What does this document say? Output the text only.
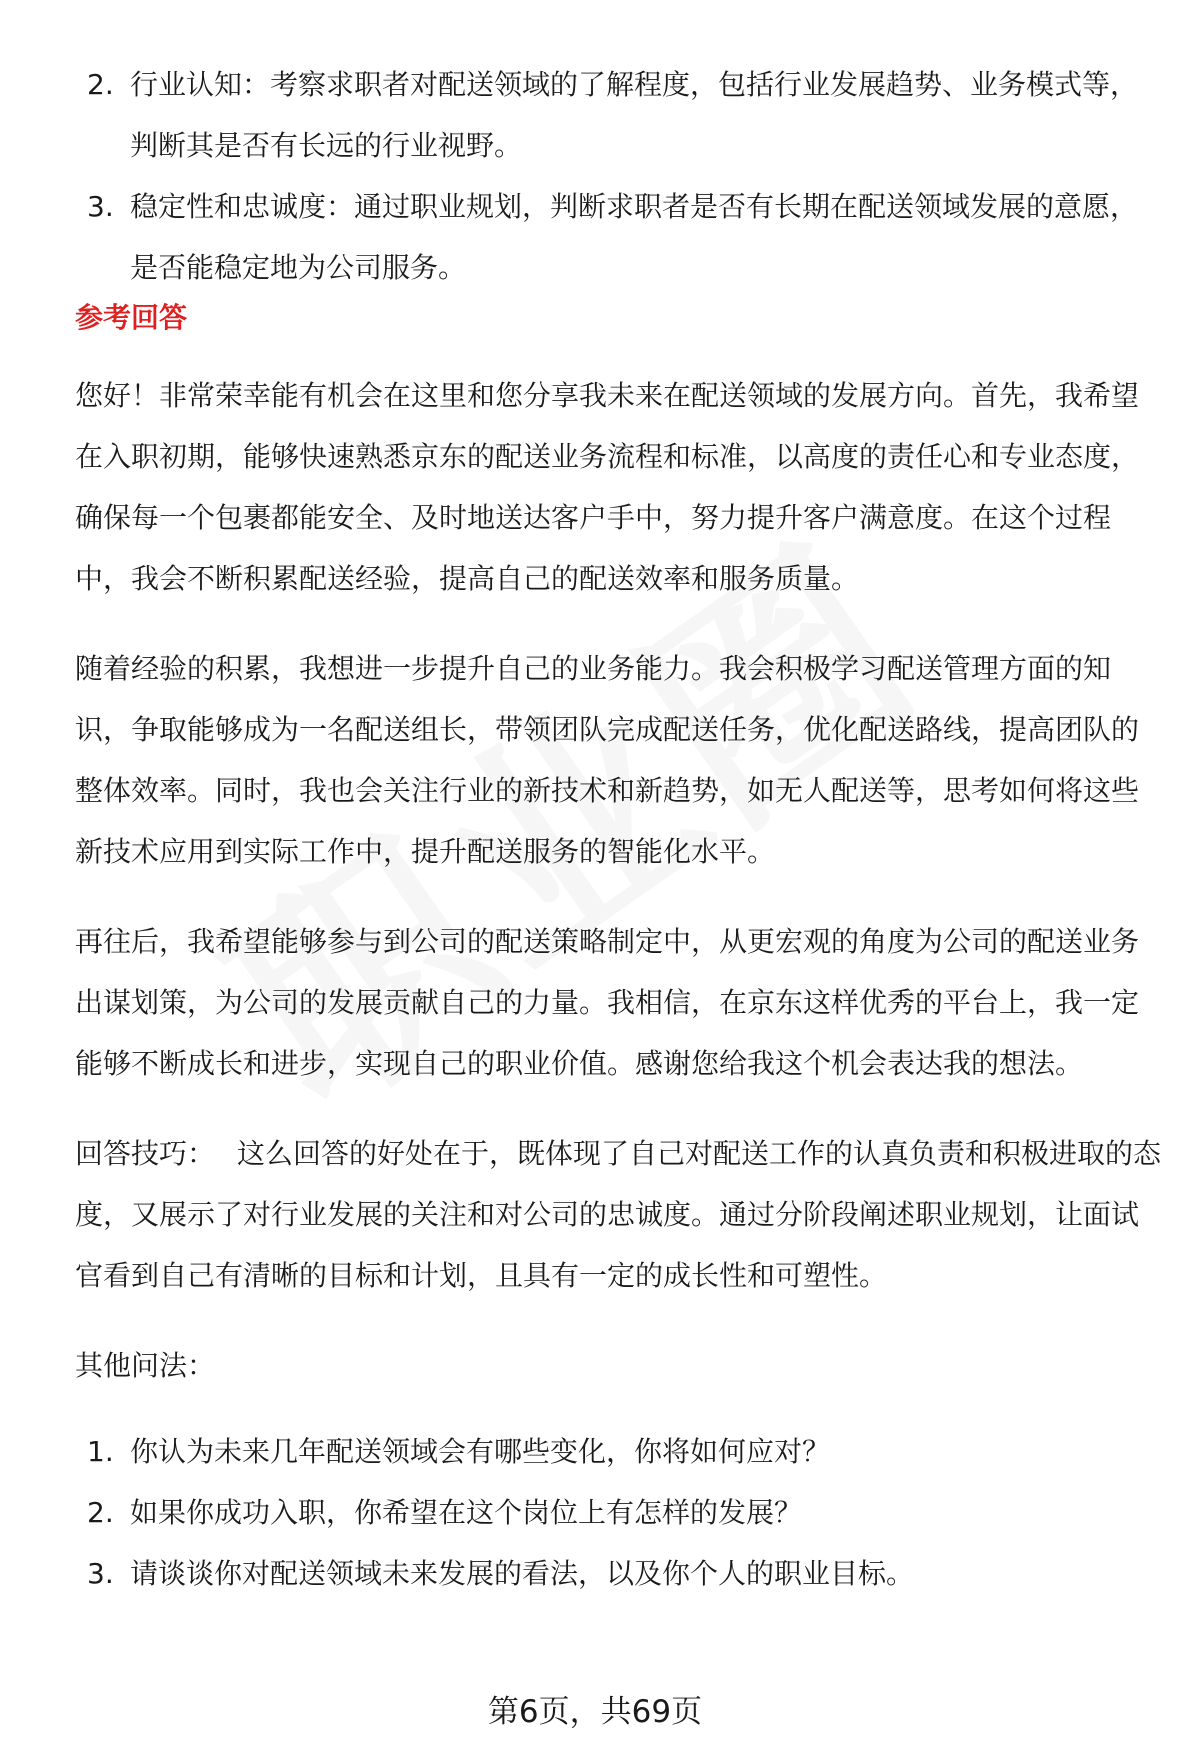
2. 行业认知：考察求职者对配送领域的了解程度，包括行业发展趋势、业务模式等，判断其是否有长远的行业视野。
3. 稳定性和忠诚度：通过职业规划，判断求职者是否有长期在配送领域发展的意愿，是否能稳定地为公司服务。

参考回答

您好！非常荣幸能有机会在这里和您分享我未来在配送领域的发展方向。首先，我希望在入职初期，能够快速熟悉京东的配送业务流程和标准，以高度的责任心和专业态度，确保每一个包裹都能安全、及时地送达客户手中，努力提升客户满意度。在这个过程中，我会不断积累配送经验，提高自己的配送效率和服务质量。

随着经验的积累，我想进一步提升自己的业务能力。我会积极学习配送管理方面的知识，争取能够成为一名配送组长，带领团队完成配送任务，优化配送路线，提高团队的整体效率。同时，我也会关注行业的新技术和新趋势，如无人配送等，思考如何将这些新技术应用到实际工作中，提升配送服务的智能化水平。

再往后，我希望能够参与到公司的配送策略制定中，从更宏观的角度为公司的配送业务出谋划策，为公司的发展贡献自己的力量。我相信，在京东这样优秀的平台上，我一定能够不断成长和进步，实现自己的职业价值。感谢您给我这个机会表达我的想法。

回答技巧： 这么回答的好处在于，既体现了自己对配送工作的认真负责和积极进取的态度，又展示了对行业发展的关注和对公司的忠诚度。通过分阶段阐述职业规划，让面试官看到自己有清晰的目标和计划，且具有一定的成长性和可塑性。

其他问法：

1. 你认为未来几年配送领域会有哪些变化，你将如何应对？
2. 如果你成功入职，你希望在这个岗位上有怎样的发展？
3. 请谈谈你对配送领域未来发展的看法，以及你个人的职业目标。
第6页，共69页
